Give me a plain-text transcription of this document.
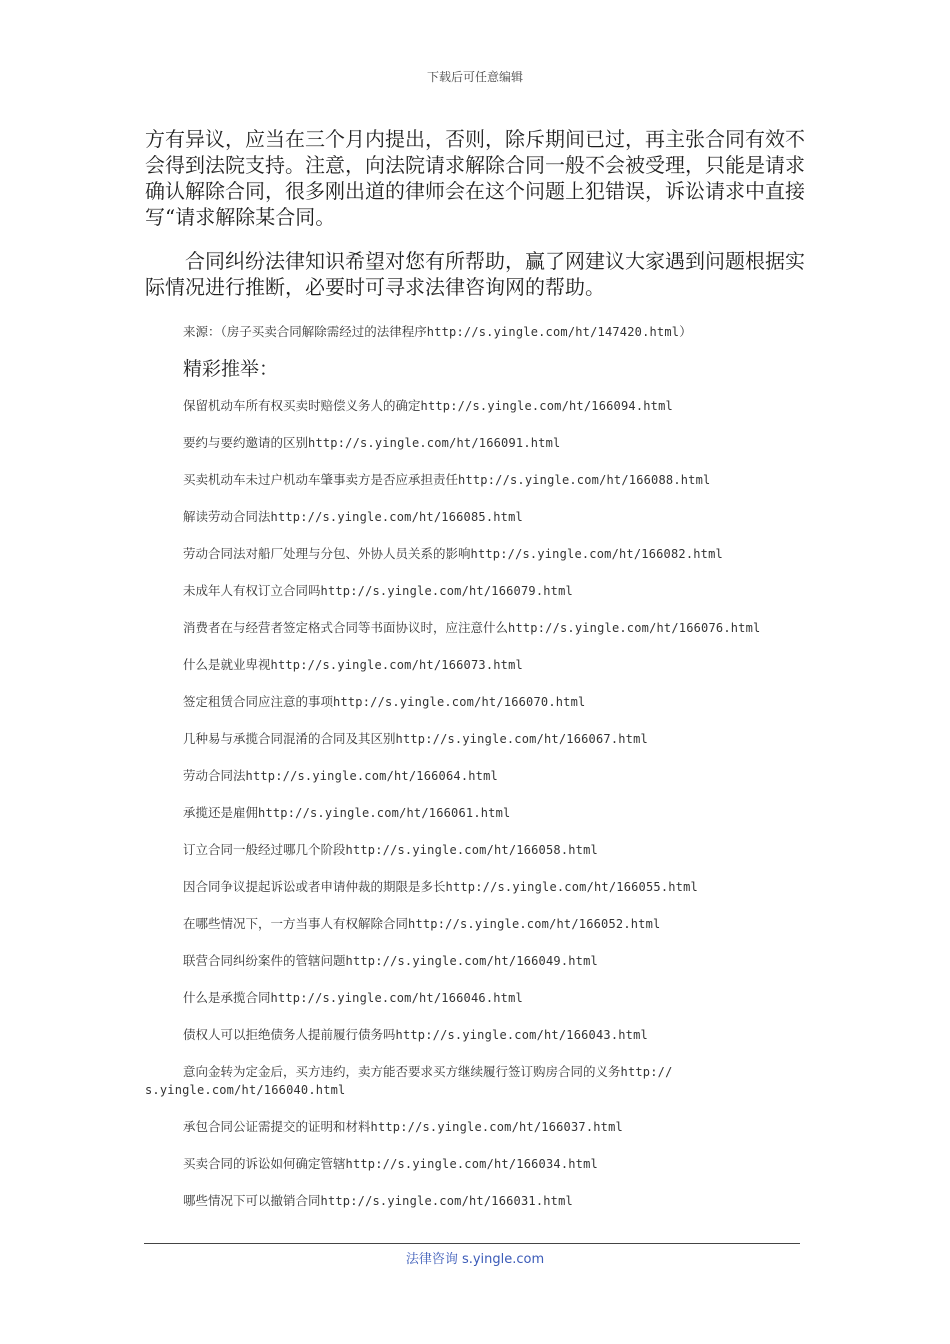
下载后可任意编辑

方有异议，应当在三个月内提出，否则，除斥期间已过，再主张合同有效不会得到法院支持。注意，向法院请求解除合同一般不会被受理，只能是请求确认解除合同，很多刚出道的律师会在这个问题上犯错误，诉讼请求中直接写“请求解除某合同。

合同纠纷法律知识希望对您有所帮助，赢了网建议大家遇到问题根据实际情况进行推断，必要时可寻求法律咨询网的帮助。

来源：（房子买卖合同解除需经过的法律程序http://s.yingle.com/ht/147420.html）
精彩推举：
保留机动车所有权买卖时赔偿义务人的确定http://s.yingle.com/ht/166094.html
要约与要约邀请的区别http://s.yingle.com/ht/166091.html
买卖机动车未过户机动车肇事卖方是否应承担责任http://s.yingle.com/ht/166088.html
解读劳动合同法http://s.yingle.com/ht/166085.html
劳动合同法对船厂处理与分包、外协人员关系的影响http://s.yingle.com/ht/166082.html
未成年人有权订立合同吗http://s.yingle.com/ht/166079.html
消费者在与经营者签定格式合同等书面协议时，应注意什么http://s.yingle.com/ht/166076.html
什么是就业卑视http://s.yingle.com/ht/166073.html
签定租赁合同应注意的事项http://s.yingle.com/ht/166070.html
几种易与承揽合同混淆的合同及其区别http://s.yingle.com/ht/166067.html
劳动合同法http://s.yingle.com/ht/166064.html
承揽还是雇佣http://s.yingle.com/ht/166061.html
订立合同一般经过哪几个阶段http://s.yingle.com/ht/166058.html
因合同争议提起诉讼或者申请仲裁的期限是多长http://s.yingle.com/ht/166055.html
在哪些情况下，一方当事人有权解除合同http://s.yingle.com/ht/166052.html
联营合同纠纷案件的管辖问题http://s.yingle.com/ht/166049.html
什么是承揽合同http://s.yingle.com/ht/166046.html
债权人可以拒绝债务人提前履行债务吗http://s.yingle.com/ht/166043.html
意向金转为定金后，买方违约，卖方能否要求买方继续履行签订购房合同的义务http://
s.yingle.com/ht/166040.html
承包合同公证需提交的证明和材料http://s.yingle.com/ht/166037.html
买卖合同的诉讼如何确定管辖http://s.yingle.com/ht/166034.html
哪些情况下可以撤销合同http://s.yingle.com/ht/166031.html
法律咨询 s.yingle.com
